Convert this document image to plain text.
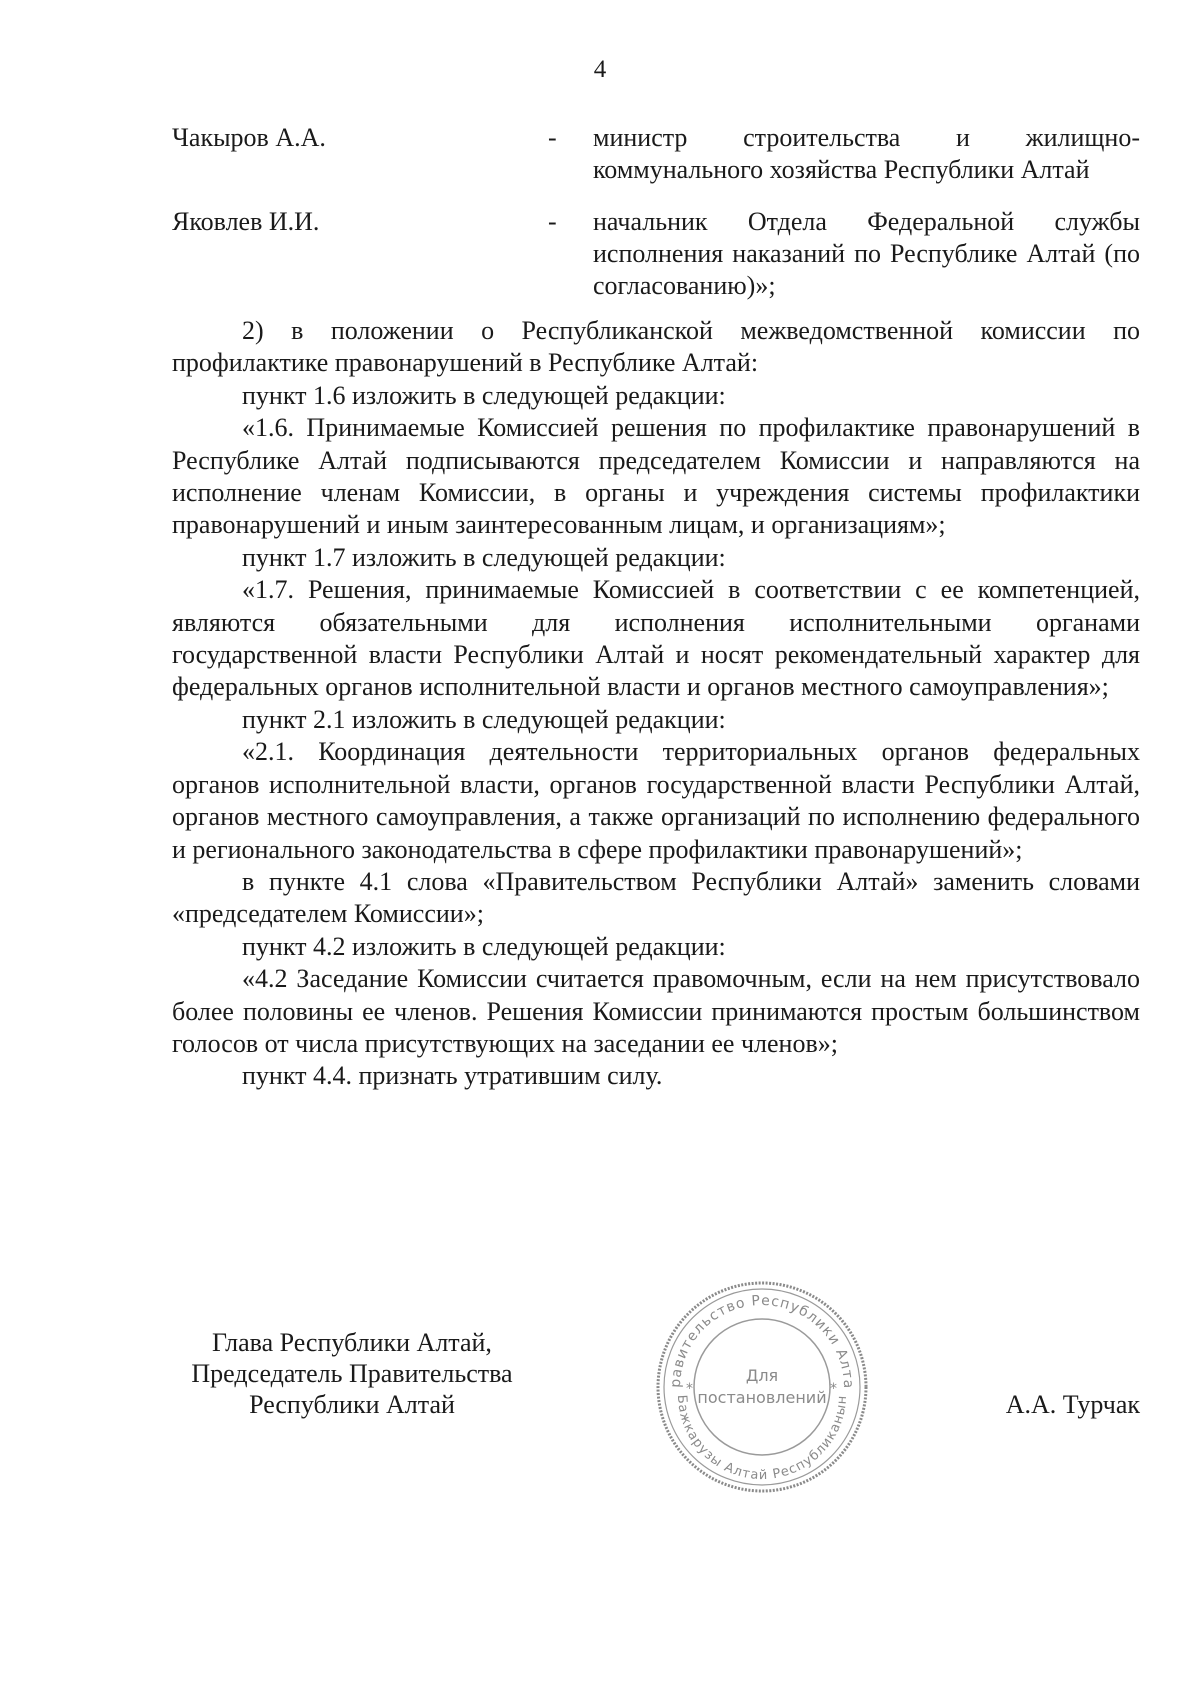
4
Чакыров А.А.	-	министр строительства и жилищно-коммунального хозяйства Республики Алтай
Яковлев И.И.	-	начальник Отдела Федеральной службы исполнения наказаний по Республике Алтай (по согласованию)»;

2) в положении о Республиканской межведомственной комиссии по профилактике правонарушений в Республике Алтай:

пункт 1.6 изложить в следующей редакции:

«1.6. Принимаемые Комиссией решения по профилактике правонарушений в Республике Алтай подписываются председателем Комиссии и направляются на исполнение членам Комиссии, в органы и учреждения системы профилактики правонарушений и иным заинтересованным лицам, и организациям»;

пункт 1.7 изложить в следующей редакции:

«1.7. Решения, принимаемые Комиссией в соответствии с ее компетенцией, являются обязательными для исполнения исполнительными органами государственной власти Республики Алтай и носят рекомендательный характер для федеральных органов исполнительной власти и органов местного самоуправления»;

пункт 2.1 изложить в следующей редакции:

«2.1. Координация деятельности территориальных органов федеральных органов исполнительной власти, органов государственной власти Республики Алтай, органов местного самоуправления, а также организаций по исполнению федерального и регионального законодательства в сфере профилактики правонарушений»;

в пункте 4.1 слова «Правительством Республики Алтай» заменить словами «председателем Комиссии»;

пункт 4.2 изложить в следующей редакции:

«4.2 Заседание Комиссии считается правомочным, если на нем присутствовало более половины ее членов. Решения Комиссии принимаются простым большинством голосов от числа присутствующих на заседании ее членов»;

пункт 4.4. признать утратившим силу.

Глава Республики Алтай,
Председатель Правительства
Республики Алтай
равительство Республики Алта
Бажкарузы Алтай Республиканын
*	*
Для
постановлений	А.А. Турчак
